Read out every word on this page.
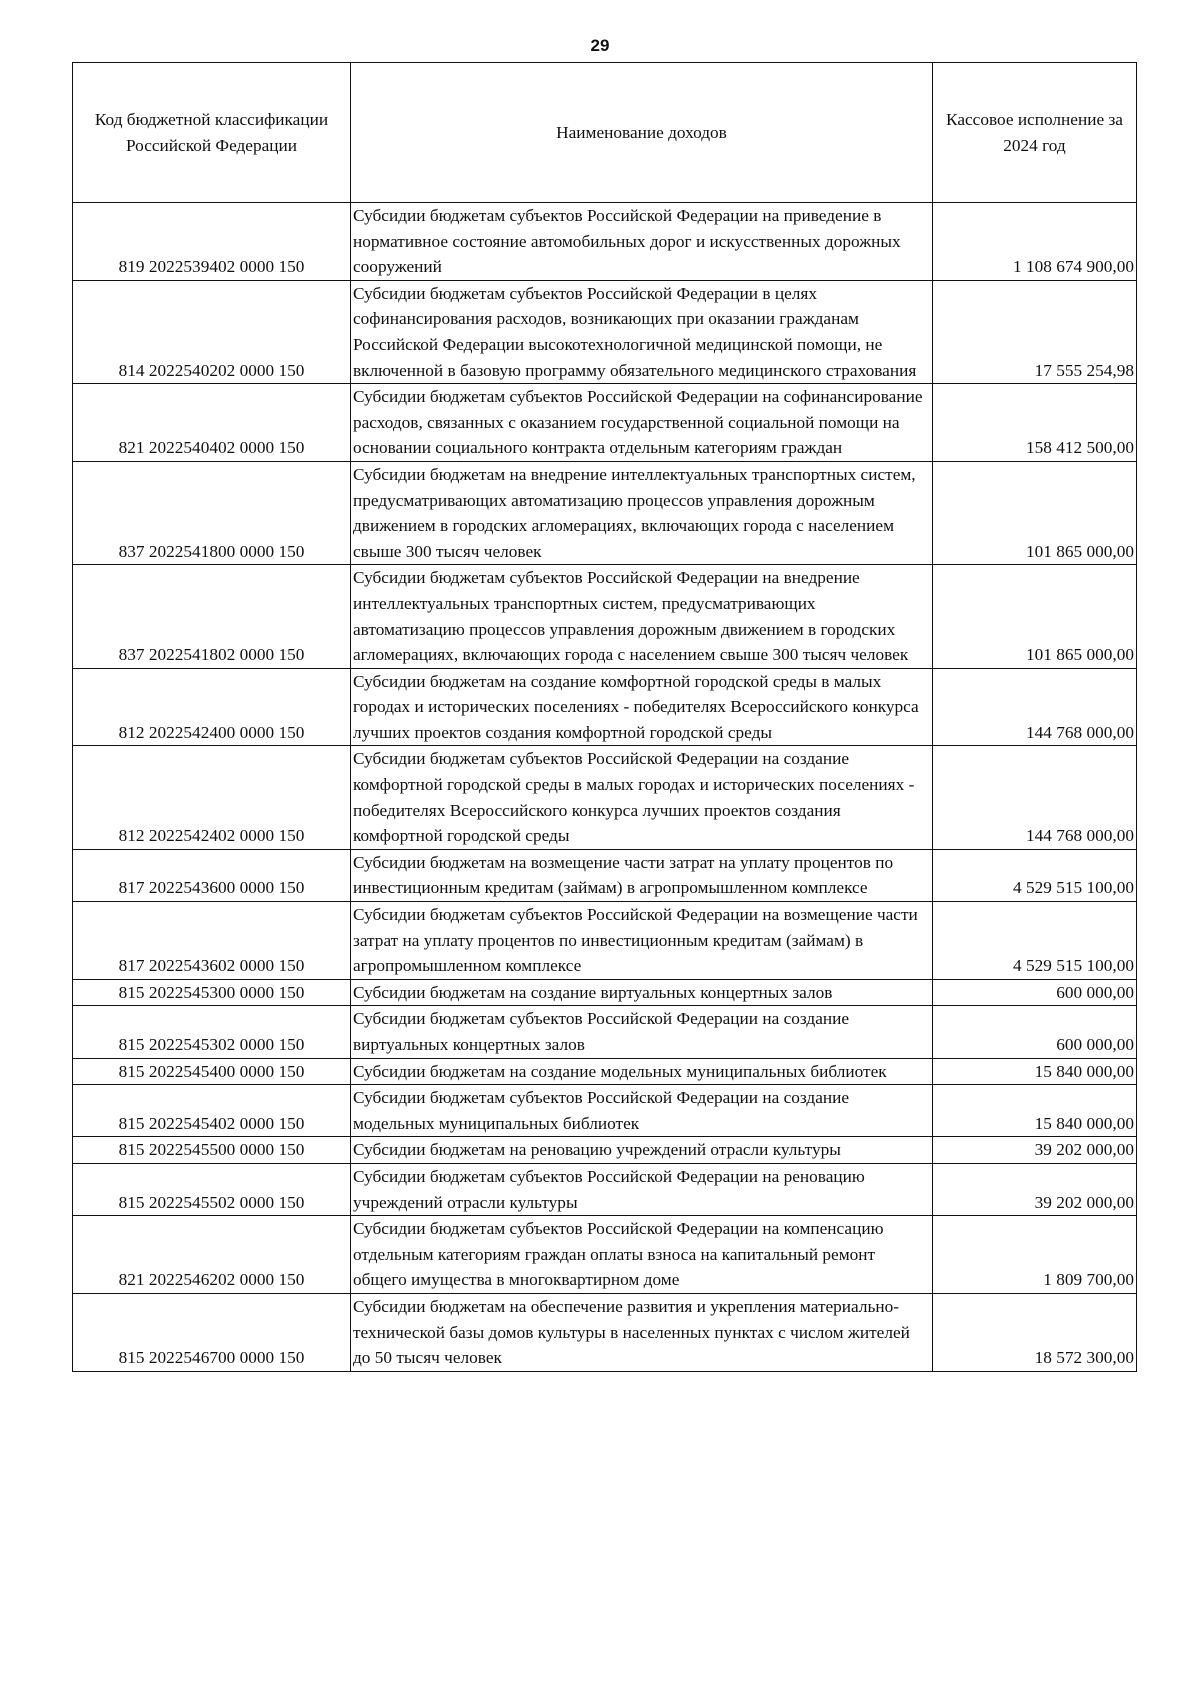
29
Код бюджетной классификации Российской Федерации	Наименование доходов	Кассовое исполнение за 2024 год
819 2022539402 0000 150	Субсидии бюджетам субъектов Российской Федерации на приведение в нормативное состояние автомобильных дорог и искусственных дорожных сооружений	1 108 674 900,00
814 2022540202 0000 150	Субсидии бюджетам субъектов Российской Федерации в целях софинансирования расходов, возникающих при оказании гражданам Российской Федерации высокотехнологичной медицинской помощи, не включенной в базовую программу обязательного медицинского страхования	17 555 254,98
821 2022540402 0000 150	Субсидии бюджетам субъектов Российской Федерации на софинансирование расходов, связанных с оказанием государственной социальной помощи на основании социального контракта отдельным категориям граждан	158 412 500,00
837 2022541800 0000 150	Субсидии бюджетам на внедрение интеллектуальных транспортных систем, предусматривающих автоматизацию процессов управления дорожным движением в городских агломерациях, включающих города с населением свыше 300 тысяч человек	101 865 000,00
837 2022541802 0000 150	Субсидии бюджетам субъектов Российской Федерации на внедрение интеллектуальных транспортных систем, предусматривающих автоматизацию процессов управления дорожным движением в городских агломерациях, включающих города с населением свыше 300 тысяч человек	101 865 000,00
812 2022542400 0000 150	Субсидии бюджетам на создание комфортной городской среды в малых городах и исторических поселениях - победителях Всероссийского конкурса лучших проектов создания комфортной городской среды	144 768 000,00
812 2022542402 0000 150	Субсидии бюджетам субъектов Российской Федерации на создание комфортной городской среды в малых городах и исторических поселениях - победителях Всероссийского конкурса лучших проектов создания комфортной городской среды	144 768 000,00
817 2022543600 0000 150	Субсидии бюджетам на возмещение части затрат на уплату процентов по инвестиционным кредитам (займам) в агропромышленном комплексе	4 529 515 100,00
817 2022543602 0000 150	Субсидии бюджетам субъектов Российской Федерации на возмещение части затрат на уплату процентов по инвестиционным кредитам (займам) в агропромышленном комплексе	4 529 515 100,00
815 2022545300 0000 150	Субсидии бюджетам на создание виртуальных концертных залов	600 000,00
815 2022545302 0000 150	Субсидии бюджетам субъектов Российской Федерации на создание виртуальных концертных залов	600 000,00
815 2022545400 0000 150	Субсидии бюджетам на создание модельных муниципальных библиотек	15 840 000,00
815 2022545402 0000 150	Субсидии бюджетам субъектов Российской Федерации на создание модельных муниципальных библиотек	15 840 000,00
815 2022545500 0000 150	Субсидии бюджетам на реновацию учреждений отрасли культуры	39 202 000,00
815 2022545502 0000 150	Субсидии бюджетам субъектов Российской Федерации на реновацию учреждений отрасли культуры	39 202 000,00
821 2022546202 0000 150	Субсидии бюджетам субъектов Российской Федерации на компенсацию отдельным категориям граждан оплаты взноса на капитальный ремонт общего имущества в многоквартирном доме	1 809 700,00
815 2022546700 0000 150	Субсидии бюджетам на обеспечение развития и укрепления материально-технической базы домов культуры в населенных пунктах с числом жителей до 50 тысяч человек	18 572 300,00
